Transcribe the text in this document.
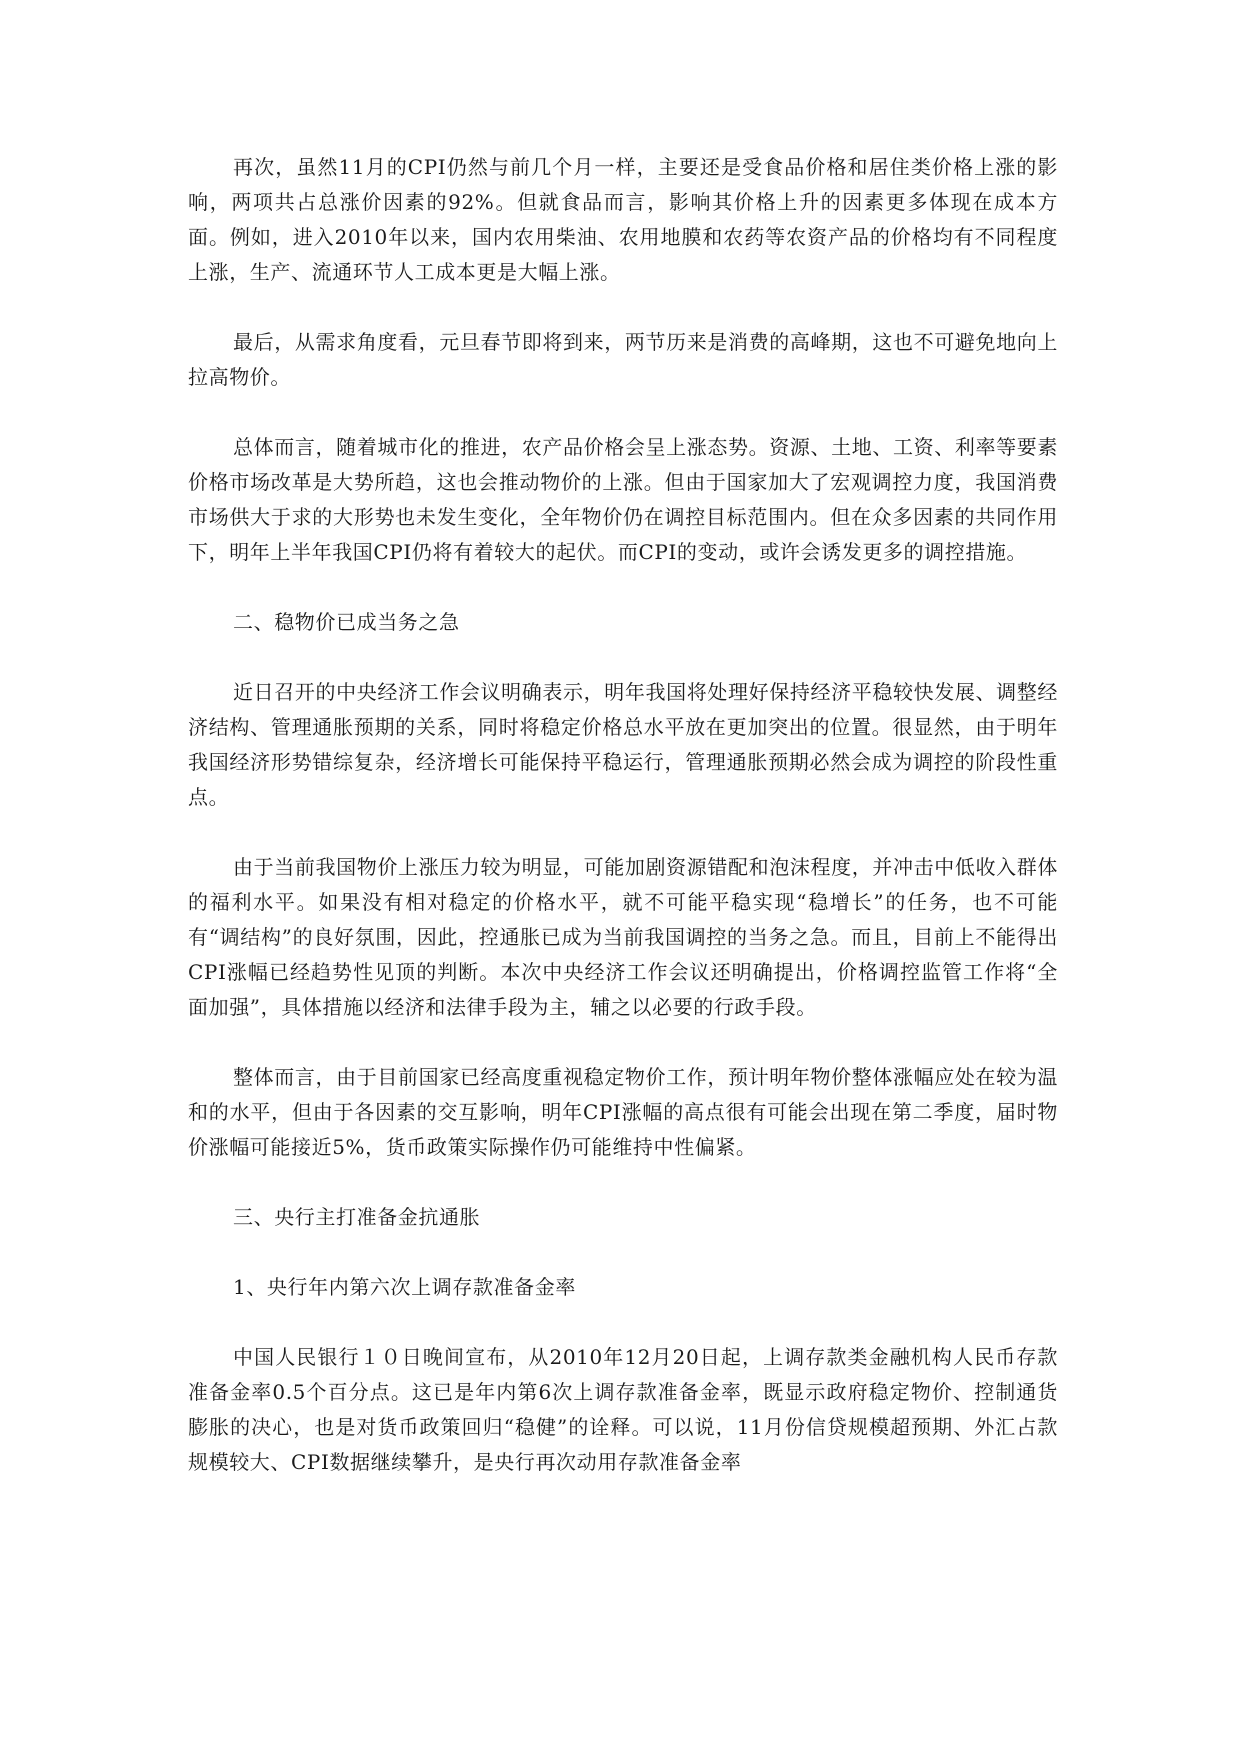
再次，虽然11月的CPI仍然与前几个月一样，主要还是受食品价格和居住类价格上涨的影响，两项共占总涨价因素的92%。但就食品而言，影响其价格上升的因素更多体现在成本方面。例如，进入2010年以来，国内农用柴油、农用地膜和农药等农资产品的价格均有不同程度上涨，生产、流通环节人工成本更是大幅上涨。

最后，从需求角度看，元旦春节即将到来，两节历来是消费的高峰期，这也不可避免地向上拉高物价。

总体而言，随着城市化的推进，农产品价格会呈上涨态势。资源、土地、工资、利率等要素价格市场改革是大势所趋，这也会推动物价的上涨。但由于国家加大了宏观调控力度，我国消费市场供大于求的大形势也未发生变化，全年物价仍在调控目标范围内。但在众多因素的共同作用下，明年上半年我国CPI仍将有着较大的起伏。而CPI的变动，或许会诱发更多的调控措施。

二、稳物价已成当务之急

近日召开的中央经济工作会议明确表示，明年我国将处理好保持经济平稳较快发展、调整经济结构、管理通胀预期的关系，同时将稳定价格总水平放在更加突出的位置。很显然，由于明年我国经济形势错综复杂，经济增长可能保持平稳运行，管理通胀预期必然会成为调控的阶段性重点。

由于当前我国物价上涨压力较为明显，可能加剧资源错配和泡沫程度，并冲击中低收入群体的福利水平。如果没有相对稳定的价格水平，就不可能平稳实现“稳增长”的任务，也不可能有“调结构”的良好氛围，因此，控通胀已成为当前我国调控的当务之急。而且，目前上不能得出CPI涨幅已经趋势性见顶的判断。本次中央经济工作会议还明确提出，价格调控监管工作将“全面加强”，具体措施以经济和法律手段为主，辅之以必要的行政手段。

整体而言，由于目前国家已经高度重视稳定物价工作，预计明年物价整体涨幅应处在较为温和的水平，但由于各因素的交互影响，明年CPI涨幅的高点很有可能会出现在第二季度，届时物价涨幅可能接近5%，货币政策实际操作仍可能维持中性偏紧。

三、央行主打准备金抗通胀

1、央行年内第六次上调存款准备金率

中国人民银行１０日晚间宣布，从2010年12月20日起，上调存款类金融机构人民币存款准备金率0.5个百分点。这已是年内第6次上调存款准备金率，既显示政府稳定物价、控制通货膨胀的决心，也是对货币政策回归“稳健”的诠释。可以说，11月份信贷规模超预期、外汇占款规模较大、CPI数据继续攀升，是央行再次动用存款准备金率
